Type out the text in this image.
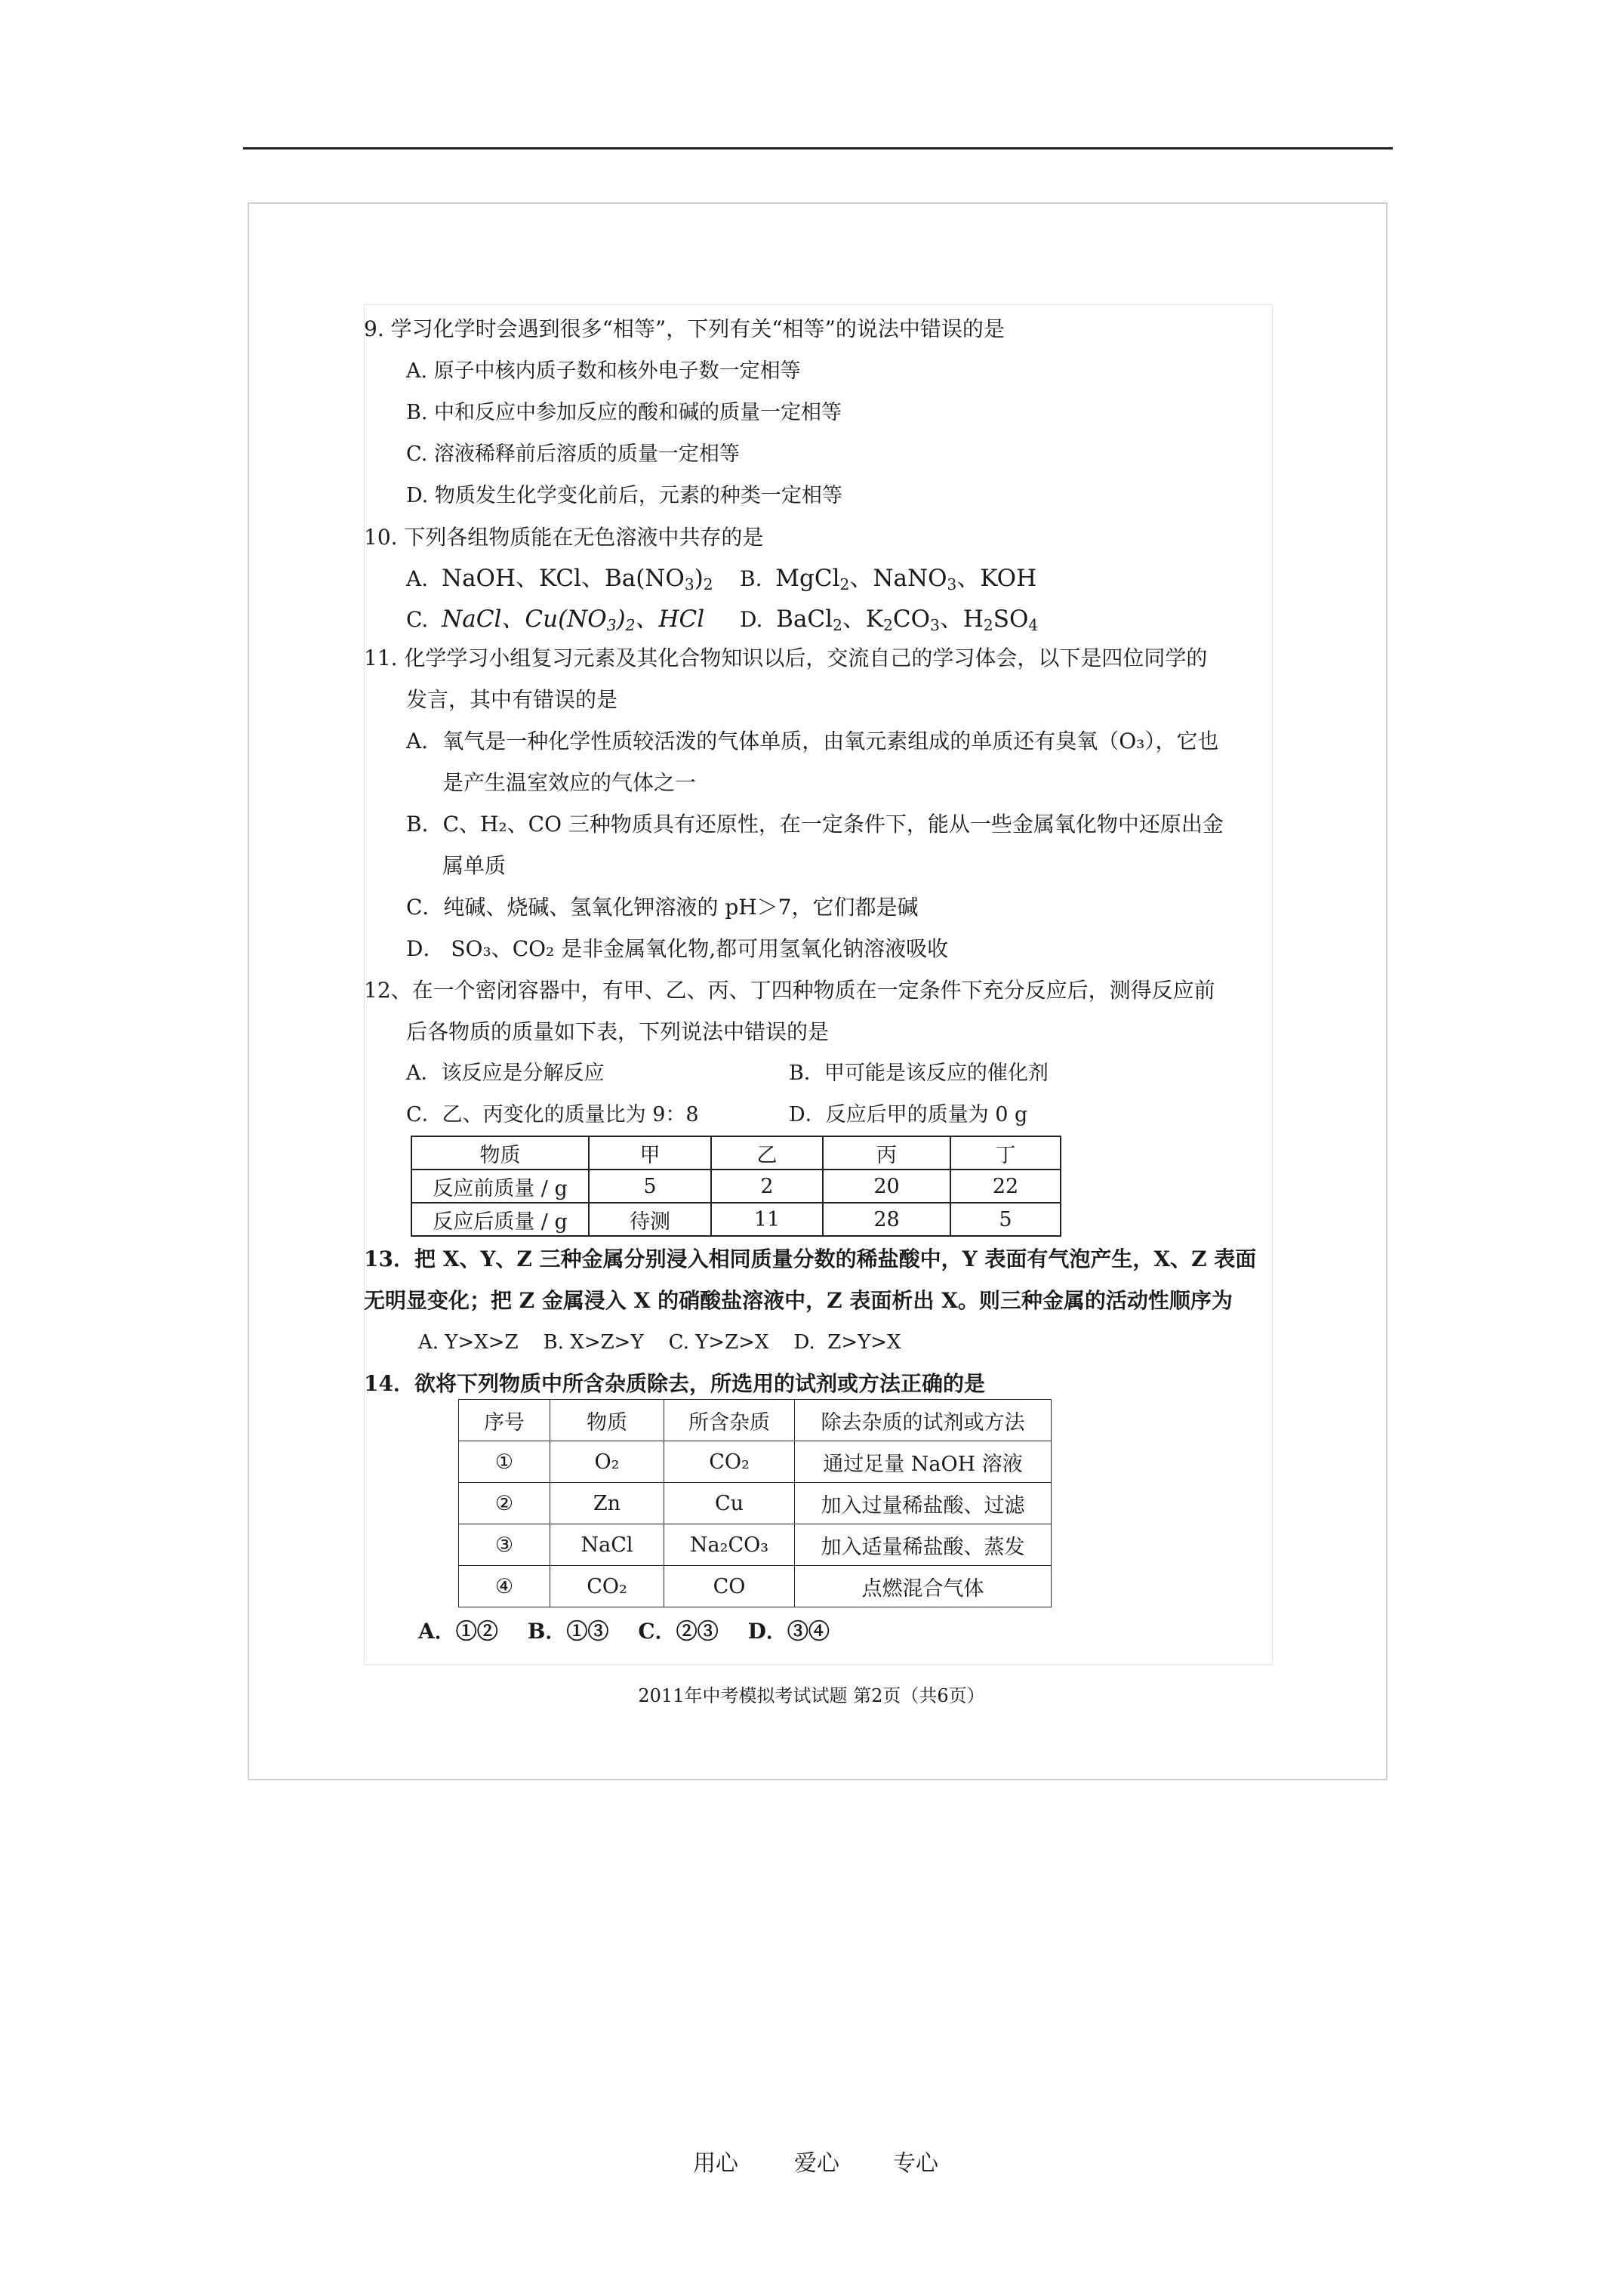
9. 学习化学时会遇到很多“相等”，下列有关“相等”的说法中错误的是
A. 原子中核内质子数和核外电子数一定相等
B. 中和反应中参加反应的酸和碱的质量一定相等
C. 溶液稀释前后溶质的质量一定相等
D. 物质发生化学变化前后，元素的种类一定相等
10. 下列各组物质能在无色溶液中共存的是
A. NaOH、KCl、$Ba(NO_3)_2$ B. MgCl$_2$、NaNO$_3$、KOH
C. NaCl、$Cu(NO_3)_2$、HCl D. BaCl$_2$、$K_2CO_3$、$H_2SO_4$
11. 化学学习小组复习元素及其化合物知识以后，交流自己的学习体会，以下是四位同学的
发言，其中有错误的是
A．氧气是一种化学性质较活泼的气体单质，由氧元素组成的单质还有臭氧（O₃），它也
是产生温室效应的气体之一
B．C、H₂、CO 三种物质具有还原性，在一定条件下，能从一些金属氧化物中还原出金
属单质
C．纯碱、烧碱、氢氧化钾溶液的 pH＞7，它们都是碱
D． SO₃、CO₂ 是非金属氧化物,都可用氢氧化钠溶液吸收
12、在一个密闭容器中，有甲、乙、丙、丁四种物质在一定条件下充分反应后，测得反应前
后各物质的质量如下表，下列说法中错误的是
A．该反应是分解反应	B．甲可能是该反应的催化剂
C．乙、丙变化的质量比为 9：8	D．反应后甲的质量为 0 g
物质	甲	乙	丙	丁
反应前质量 / g	5	2	20	22
反应后质量 / g	待测	11	28	5
13．把 X、Y、Z 三种金属分别浸入相同质量分数的稀盐酸中，Y 表面有气泡产生，X、Z 表面
无明显变化；把 Z 金属浸入 X 的硝酸盐溶液中，Z 表面析出 X。则三种金属的活动性顺序为
A. Y>X>Z    B. X>Z>Y    C. Y>Z>X    D.  Z>Y>X
14．欲将下列物质中所含杂质除去，所选用的试剂或方法正确的是
序号	物质	所含杂质	除去杂质的试剂或方法
①	O₂	CO₂	通过足量 NaOH 溶液
②	Zn	Cu	加入过量稀盐酸、过滤
③	NaCl	Na₂CO₃	加入适量稀盐酸、蒸发
④	CO₂	CO	点燃混合气体
A．①②    B．①③    C．②③    D．③④
2011年中考模拟考试试题 第2页（共6页）
用心 爱心 专心
